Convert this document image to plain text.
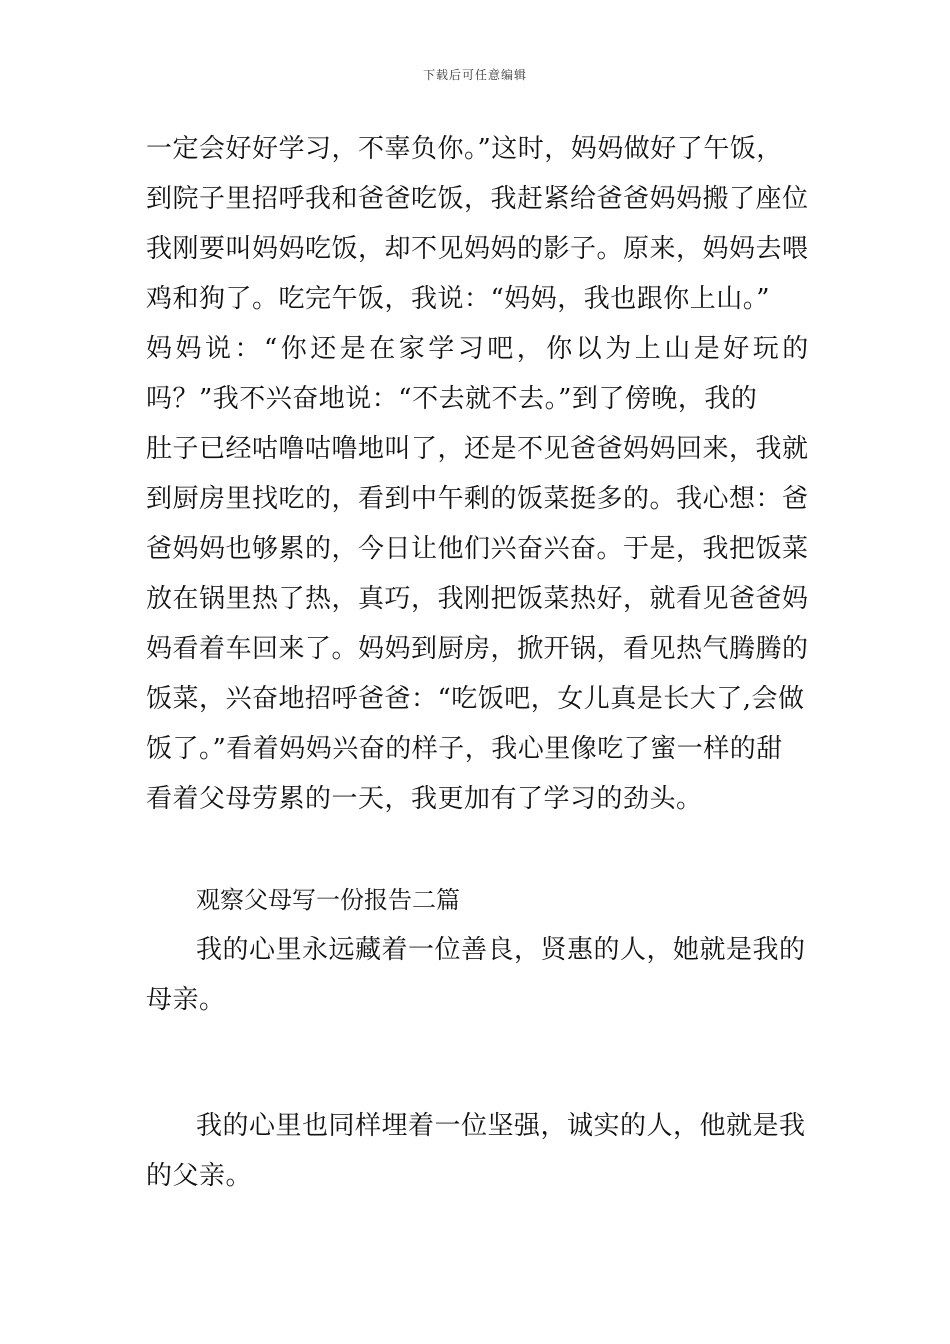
下载后可任意编辑
一定会好好学习，不辜负你。”这时，妈妈做好了午饭，
到院子里招呼我和爸爸吃饭，我赶紧给爸爸妈妈搬了座位
我刚要叫妈妈吃饭，却不见妈妈的影子。原来，妈妈去喂
鸡和狗了。吃完午饭，我说：“妈妈，我也跟你上山。”
妈妈说：“你还是在家学习吧，你以为上山是好玩的
吗？”我不兴奋地说：“不去就不去。”到了傍晚，我的
肚子已经咕噜咕噜地叫了，还是不见爸爸妈妈回来，我就
到厨房里找吃的，看到中午剩的饭菜挺多的。我心想：爸
爸妈妈也够累的，今日让他们兴奋兴奋。于是，我把饭菜
放在锅里热了热，真巧，我刚把饭菜热好，就看见爸爸妈
妈看着车回来了。妈妈到厨房，掀开锅，看见热气腾腾的
饭菜，兴奋地招呼爸爸：“吃饭吧，女儿真是长大了,会做
饭了。”看着妈妈兴奋的样子，我心里像吃了蜜一样的甜
看着父母劳累的一天，我更加有了学习的劲头。
观察父母写一份报告二篇
我的心里永远藏着一位善良，贤惠的人，她就是我的
母亲。
我的心里也同样埋着一位坚强，诚实的人，他就是我
的父亲。
